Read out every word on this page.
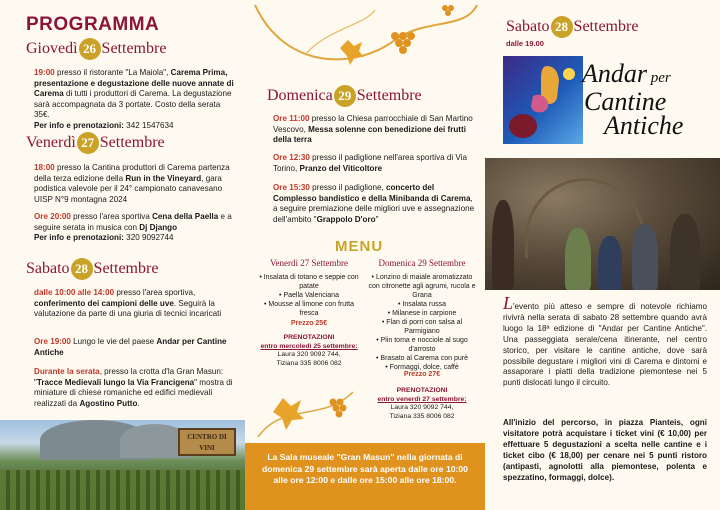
PROGRAMMA
Giovedì 26 Settembre
19:00 presso il ristorante "La Maiola", Carema Prima, presentazione e degustazione delle nuove annate di Carema di tutti i produttori di Carema. La degustazione sarà accompagnata da 3 portate. Costo della serata 35€.
Per info e prenotazioni: 342 1547634
Venerdì 27 Settembre
18:00 presso la Cantina produttori di Carema partenza della terza edizione della Run in the Vineyard, gara podistica valevole per il 24° campionato canavesano UISP N°9 montagna 2024
Ore 20:00 presso l'area sportiva Cena della Paella e a seguire serata in musica con Dj Django
Per info e prenotazioni: 320 9092744
Sabato 28 Settembre
dalle 10:00 alle 14:00 presso l'area sportiva, conferimento dei campioni delle uve. Seguirà la valutazione da parte di una giuria di tecnici incaricati
Ore 19:00 Lungo le vie del paese Andar per Cantine Antiche
Durante la serata, presso la crotta d'la Gran Masun: "Tracce Medievali lungo la Via Francigena" mostra di miniature di chiese romaniche ed edifici medievali realizzati da Agostino Putto.
CENTRO DI VINI
Domenica 29 Settembre
Ore 11:00 presso la Chiesa parrocchiale di San Martino Vescovo, Messa solenne con benedizione dei frutti della terra
Ore 12:30 presso il padiglione nell'area sportiva di Via Torino, Pranzo del Viticoltore
Ore 15:30 presso il padiglione, concerto del Complesso bandistico e della Minibanda di Carema, a seguire premiazione delle migliori uve e assegnazione dell'ambito "Grappolo D'oro"
MENU
Venerdì 27 Settembre
• Insalata di totano e seppie con patate
• Paella Valenciana
• Mousse al limone con frutta fresca
Prezzo 25€
PRENOTAZIONI
entro mercoledì 25 settembre:
Laura 320 9092 744,
Tiziana 335 8006 082
Domenica 29 Settembre
• Lonzino di maiale aromatizzato con citronette agli agrumi, rucola e Grana
• Insalata russa
• Milanese in carpione
• Flan di porri con salsa al Parmigiano
• Plin toma e nocciole al sugo d'arrosto
• Brasato al Carema con purè
• Formaggi, dolce, caffè
Prezzo 27€
PRENOTAZIONI
entro venerdì 27 settembre:
Laura 320 9092 744,
Tiziana 335 8006 082
La Sala museale "Gran Masun" nella giornata di domenica 29 settembre sarà aperta dalle ore 10:00 alle ore 12:00 e dalle ore 15:00 alle ore 18:00.
Sabato 28 Settembre
dalle 19.00
Andar per
Cantine
Antiche
L'evento più atteso e sempre di notevole richiamo rivivrà nella serata di sabato 28 settembre quando avrà luogo la 18ª edizione di "Andar per Cantine Antiche". Una passeggiata serale/cena itinerante, nel centro storico, per visitare le cantine antiche, dove sarà possibile degustare i migliori vini di Carema e dintorni e assaporare i piatti della tradizione piemontese nei 5 punti dislocati lungo il circuito.
All'inizio del percorso, in piazza Pianteis, ogni visitatore potrà acquistare i ticket vini (€ 10,00) per effettuare 5 degustazioni a scelta nelle cantine e i ticket cibo (€ 18,00) per cenare nei 5 punti ristoro (antipasti, agnolotti alla piemontese, polenta e spezzatino, formaggi, dolce).
